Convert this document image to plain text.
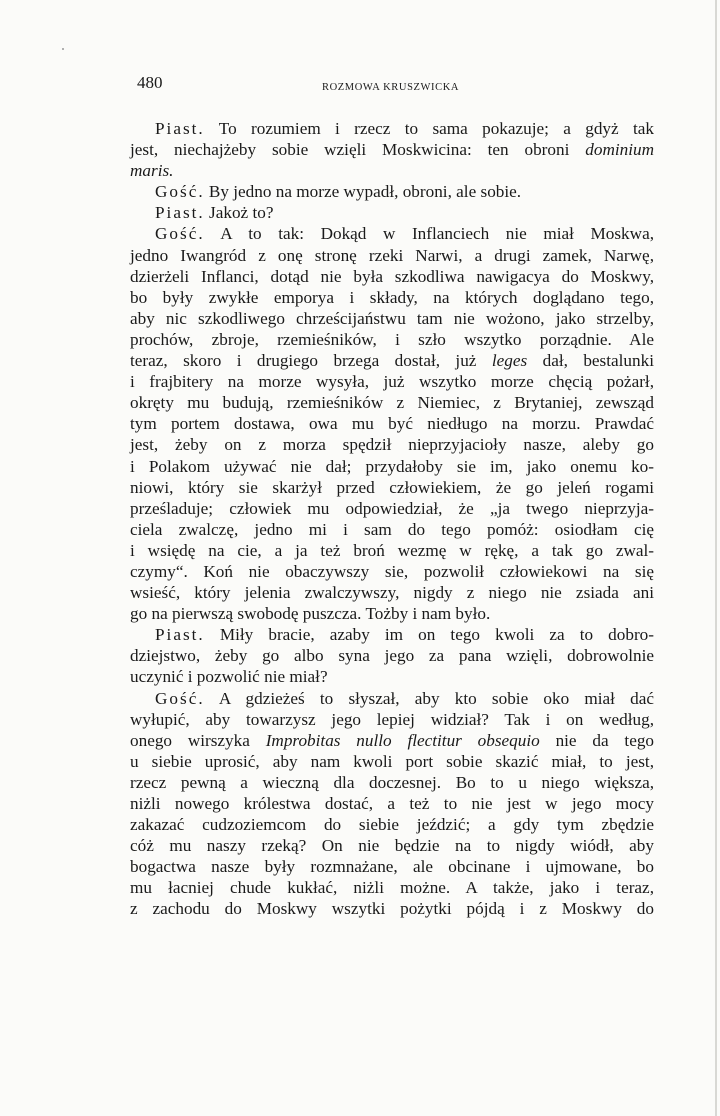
480	ROZMOWA KRUSZWICKA
Piast. To rozumiem i rzecz to sama pokazuje; a gdyż tak
jest, niechajżeby sobie wzięli Moskwicina: ten obroni dominium
maris.
Gość. By jedno na morze wypadł, obroni, ale sobie.
Piast. Jakoż to?
Gość. A to tak: Dokąd w Inflanciech nie miał Moskwa,
jedno Iwangród z onę stronę rzeki Narwi, a drugi zamek, Narwę,
dzierżeli Inflanci, dotąd nie była szkodliwa nawigacya do Moskwy,
bo były zwykłe emporya i składy, na których doglądano tego,
aby nic szkodliwego chrześcijaństwu tam nie wożono, jako strzelby,
prochów, zbroje, rzemieśników, i szło wszytko porządnie. Ale
teraz, skoro i drugiego brzega dostał, już leges dał, bestalunki
i frajbitery na morze wysyła, już wszytko morze chęcią pożarł,
okręty mu budują, rzemieśników z Niemiec, z Brytaniej, zewsząd
tym portem dostawa, owa mu być niedługo na morzu. Prawdać
jest, żeby on z morza spędził nieprzyjacioły nasze, aleby go
i Polakom używać nie dał; przydałoby sie im, jako onemu ko-
niowi, który sie skarżył przed człowiekiem, że go jeleń rogami
prześladuje; człowiek mu odpowiedział, że „ja twego nieprzyja-
ciela zwalczę, jedno mi i sam do tego pomóż: osiodłam cię
i wsiędę na cie, a ja też broń wezmę w rękę, a tak go zwal-
czymy“. Koń nie obaczywszy sie, pozwolił człowiekowi na się
wsieść, który jelenia zwalczywszy, nigdy z niego nie zsiada ani
go na pierwszą swobodę puszcza. Tożby i nam było.
Piast. Miły bracie, azaby im on tego kwoli za to dobro-
dziejstwo, żeby go albo syna jego za pana wzięli, dobrowolnie
uczynić i pozwolić nie miał?
Gość. A gdzieżeś to słyszał, aby kto sobie oko miał dać
wyłupić, aby towarzysz jego lepiej widział? Tak i on według,
onego wirszyka Improbitas nullo flectitur obsequio nie da tego
u siebie uprosić, aby nam kwoli port sobie skazić miał, to jest,
rzecz pewną a wieczną dla doczesnej. Bo to u niego większa,
niżli nowego królestwa dostać, a też to nie jest w jego mocy
zakazać cudzoziemcom do siebie jeździć; a gdy tym zbędzie
cóż mu naszy rzeką? On nie będzie na to nigdy wiódł, aby
bogactwa nasze były rozmnażane, ale obcinane i ujmowane, bo
mu łacniej chude kukłać, niżli możne. A także, jako i teraz,
z zachodu do Moskwy wszytki pożytki pójdą i z Moskwy do
